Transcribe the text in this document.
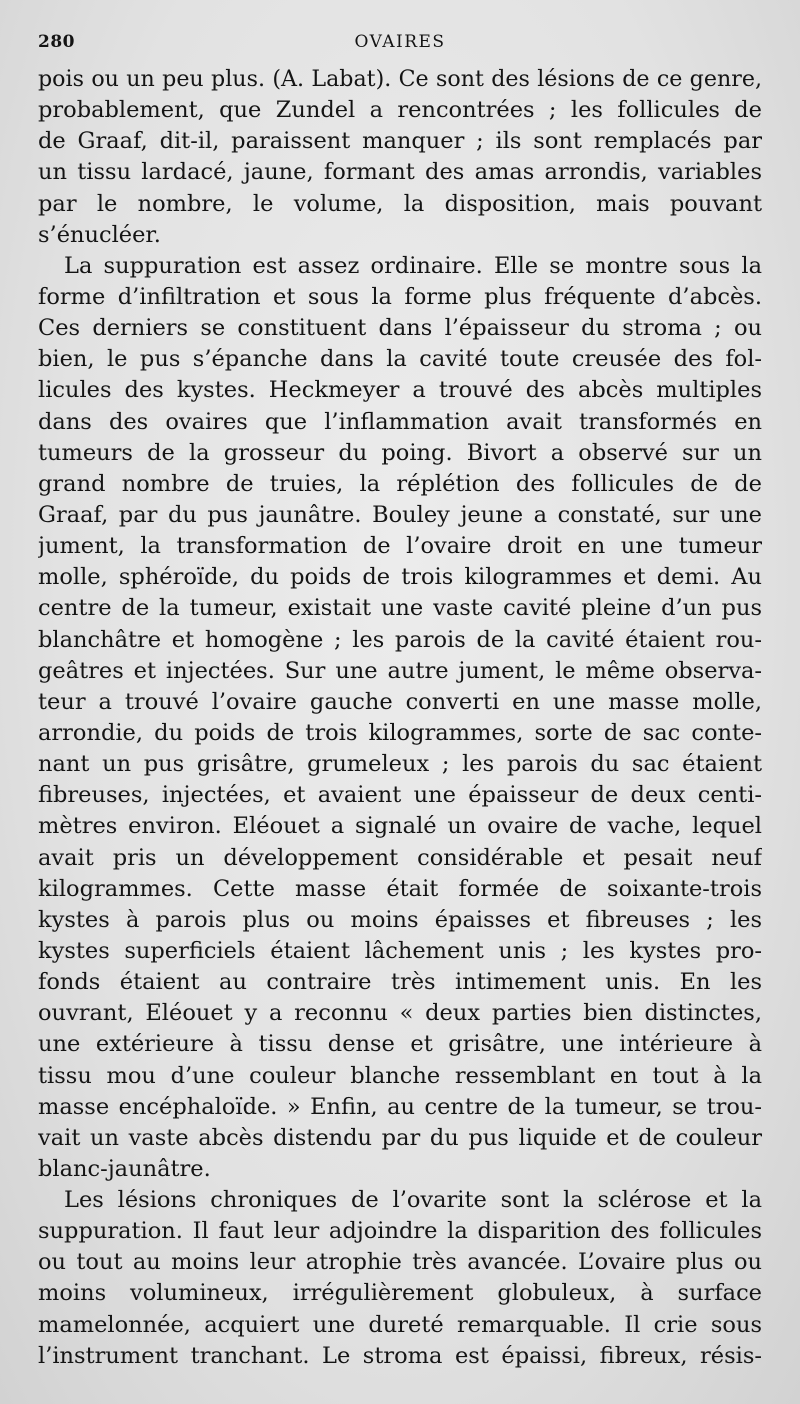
280	OVAIRES
pois ou un peu plus. (A. Labat). Ce sont des lésions de ce genre,
probablement, que Zundel a rencontrées ; les follicules de
de Graaf, dit-il, paraissent manquer ; ils sont remplacés par
un tissu lardacé, jaune, formant des amas arrondis, variables
par le nombre, le volume, la disposition, mais pouvant
s’énucléer.
La suppuration est assez ordinaire. Elle se montre sous la
forme d’infiltration et sous la forme plus fréquente d’abcès.
Ces derniers se constituent dans l’épaisseur du stroma ; ou
bien, le pus s’épanche dans la cavité toute creusée des fol-
licules des kystes. Heckmeyer a trouvé des abcès multiples
dans des ovaires que l’inflammation avait transformés en
tumeurs de la grosseur du poing. Bivort a observé sur un
grand nombre de truies, la réplétion des follicules de de
Graaf, par du pus jaunâtre. Bouley jeune a constaté, sur une
jument, la transformation de l’ovaire droit en une tumeur
molle, sphéroïde, du poids de trois kilogrammes et demi. Au
centre de la tumeur, existait une vaste cavité pleine d’un pus
blanchâtre et homogène ; les parois de la cavité étaient rou-
geâtres et injectées. Sur une autre jument, le même observa-
teur a trouvé l’ovaire gauche converti en une masse molle,
arrondie, du poids de trois kilogrammes, sorte de sac conte-
nant un pus grisâtre, grumeleux ; les parois du sac étaient
fibreuses, injectées, et avaient une épaisseur de deux centi-
mètres environ. Eléouet a signalé un ovaire de vache, lequel
avait pris un développement considérable et pesait neuf
kilogrammes. Cette masse était formée de soixante-trois
kystes à parois plus ou moins épaisses et fibreuses ; les
kystes superficiels étaient lâchement unis ; les kystes pro-
fonds étaient au contraire très intimement unis. En les
ouvrant, Eléouet y a reconnu « deux parties bien distinctes,
une extérieure à tissu dense et grisâtre, une intérieure à
tissu mou d’une couleur blanche ressemblant en tout à la
masse encéphaloïde. » Enfin, au centre de la tumeur, se trou-
vait un vaste abcès distendu par du pus liquide et de couleur
blanc-jaunâtre.
Les lésions chroniques de l’ovarite sont la sclérose et la
suppuration. Il faut leur adjoindre la disparition des follicules
ou tout au moins leur atrophie très avancée. L’ovaire plus ou
moins volumineux, irrégulièrement globuleux, à surface
mamelonnée, acquiert une dureté remarquable. Il crie sous
l’instrument tranchant. Le stroma est épaissi, fibreux, résis-
